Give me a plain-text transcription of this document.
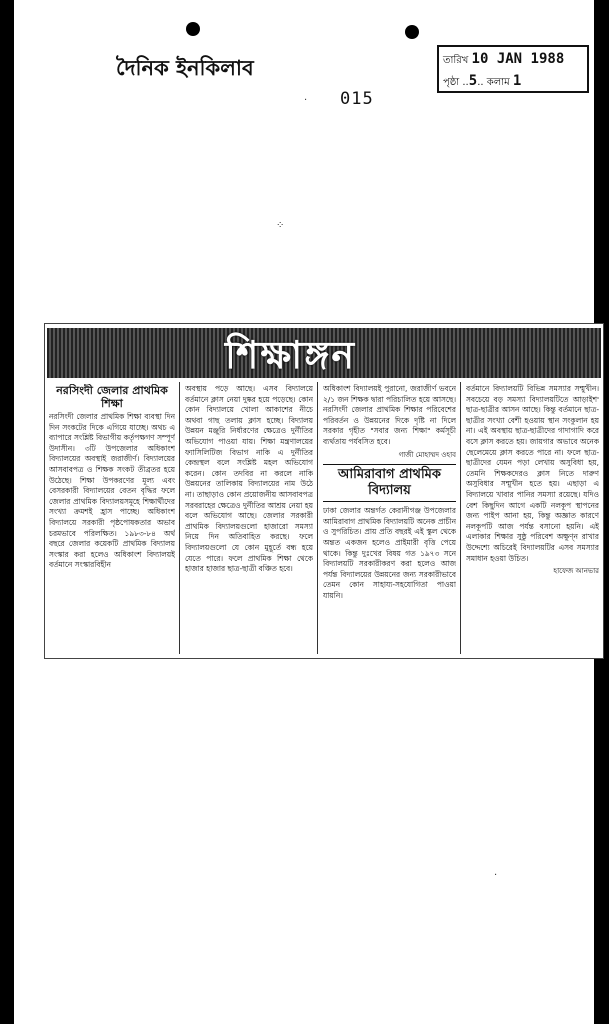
দৈনিক ইনকিলাব	তারিখ 10 JAN 1988
পৃষ্ঠা ..5.. কলাম 1
015
·
⁘
·
শিক্ষাঙ্গন
নরসিংদী জেলার প্রাথমিক শিক্ষা

নরসিংদী জেলার প্রাথমিক শিক্ষা ব্যবস্থা দিন দিন সংকটের দিকে এগিয়ে যাচ্ছে। অথচ এ ব্যাপারে সংশ্লিষ্ট বিভাগীয় কর্তৃপক্ষগণ সম্পূর্ণ উদাসীন। ৩টি উপজেলার অধিকাংশ বিদ্যালয়ের অবস্থাই জরাজীর্ণ। বিদ্যালয়ের আসবাবপত্র ও শিক্ষক সংকট তীব্রতর হয়ে উঠেছে। শিক্ষা উপকরণের মূল্য এবং বেসরকারী বিদ্যালয়ের বেতন বৃদ্ধির ফলে জেলার প্রাথমিক বিদ্যালয়সমূহে শিক্ষার্থীদের সংখ্যা ক্রমশই হ্রাস পাচ্ছে। অধিকাংশ বিদ্যালয়ে সরকারী পৃষ্ঠপোষকতার অভাব চরমভাবে পরিলক্ষিত। ১৯৮৩-৮৪ অর্থ বছরে জেলার কয়েকটি প্রাথমিক বিদ্যালয় সংস্কার করা হলেও অধিকাংশ বিদ্যালয়ই বর্তমানে সংস্কারবিহীন

অবস্থায় পড়ে আছে। এসব বিদ্যালয়ে বর্তমানে ক্লাস নেয়া দুষ্কর হয়ে পড়েছে। কোন কোন বিদ্যালয়ে খোলা আকাশের নীচে অথবা গাছ তলায় ক্লাস হচ্ছে। বিদ্যালয় উন্নয়ন মঞ্জুরি নির্ধারণের ক্ষেত্রেও দুর্নীতির অভিযোগ পাওয়া যায়। শিক্ষা মন্ত্রণালয়ের ফ্যাসিলিটিজ বিভাগ নাকি এ দুর্নীতির কেন্দ্রস্থল বলে সংশ্লিষ্ট মহল অভিযোগ করেন। কোন তদবির না করলে নাকি উন্নয়নের তালিকায় বিদ্যালয়ের নাম উঠে না। তাছাড়াও কোন প্রয়োজনীয় আসবাবপত্র সরবরাহের ক্ষেত্রেও দুর্নীতির আশ্রয় নেয়া হয় বলে অভিযোগ আছে। জেলার সরকারী প্রাথমিক বিদ্যালয়গুলো হাজারো সমস্যা নিয়ে দিন অতিবাহিত করছে। ফলে বিদ্যালয়গুলো যে কোন মুহূর্তে বন্ধ হয়ে যেতে পারে। ফলে প্রাথমিক শিক্ষা থেকে হাজার হাজার ছাত্র-ছাত্রী বঞ্চিত হবে।

অধিকাংশ বিদ্যালয়ই পুরানো, জরাজীর্ণ ভবনে ২/১ জন শিক্ষক দ্বারা পরিচালিত হয়ে আসছে। নরসিংদী জেলার প্রাথমিক শিক্ষার পরিবেশের পরিবর্তন ও উন্নয়নের দিকে দৃষ্টি না দিলে সরকার গৃহীত "সবার জন্য শিক্ষা" কর্মসূচী ব্যর্থতায় পর্যবসিত হবে।

গাজী মোহাম্মদ ওহাব
আমিরাবাগ প্রাথমিক বিদ্যালয়

ঢাকা জেলার অন্তর্গত কেরানীগঞ্জ উপজেলার আমিরাবাগ প্রাথমিক বিদ্যালয়টি অনেক প্রাচীন ও সুপরিচিত। প্রায় প্রতি বছরই এই স্কুল থেকে অন্তত একজন হলেও প্রাইমারী বৃত্তি পেয়ে থাকে। কিন্তু দুঃখের বিষয় গত ১৯৭৩ সনে বিদ্যালয়টি সরকারীকরণ করা হলেও আজ পর্যন্ত বিদ্যালয়ের উন্নয়নের জন্য সরকারীভাবে তেমন কোন সাহায্য-সহযোগিতা পাওয়া যায়নি।

বর্তমানে বিদ্যালয়টি বিভিন্ন সমস্যার সম্মুখীন। সবচেয়ে বড় সমস্যা বিদ্যালয়টিতে আড়াইশ' ছাত্র-ছাত্রীর আসন আছে। কিন্তু বর্তমানে ছাত্র-ছাত্রীর সংখ্যা বেশী হওয়ায় স্থান সংকুলান হয় না। এই অবস্থায় ছাত্র-ছাত্রীদের গাদাগাদি করে বসে ক্লাস করতে হয়। জায়গার অভাবে অনেক ছেলেমেয়ে ক্লাস করতে পারে না। ফলে ছাত্র-ছাত্রীদের যেমন পড়া লেখায় অসুবিধা হয়, তেমনি শিক্ষকদেরও ক্লাস নিতে দারুণ অসুবিধার সম্মুখীন হতে হয়। এছাড়া এ বিদ্যালয়ে খাবার পানির সমস্যা রয়েছে। যদিও বেশ কিছুদিন আগে একটি নলকূপ স্থাপনের জন্য পাইপ আনা হয়, কিন্তু অজ্ঞাত কারণে নলকূপটি আজ পর্যন্ত বসানো হয়নি। এই এলাকার শিক্ষার সুষ্ঠু পরিবেশ অক্ষুণ্ন রাখার উদ্দেশ্যে অচিরেই বিদ্যালয়টির এসব সমস্যার সমাধান হওয়া উচিত।

হাফেজ আনভার
